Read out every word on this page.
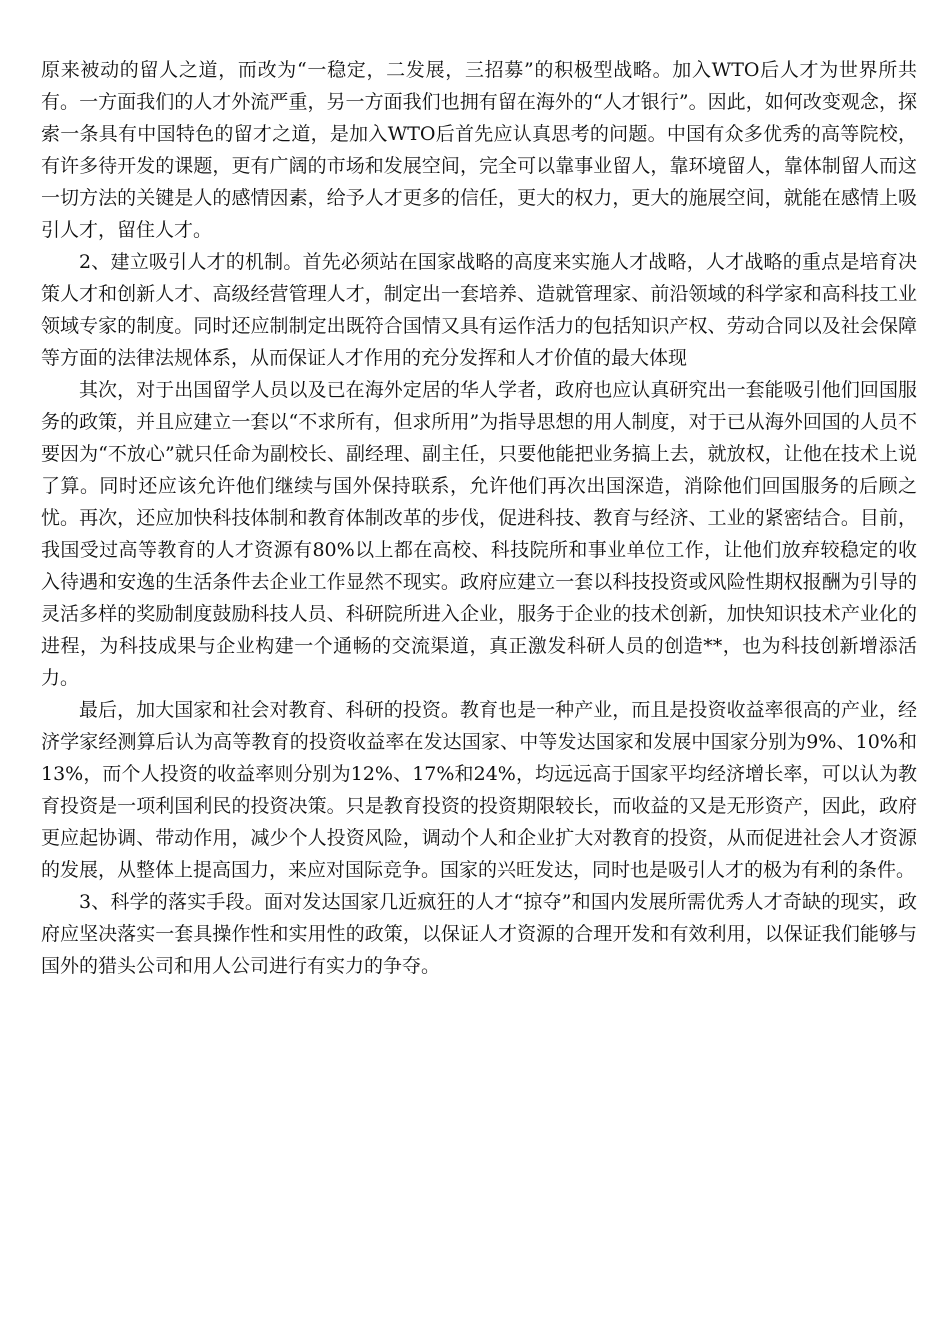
原来被动的留人之道，而改为“一稳定，二发展，三招募”的积极型战略。加入WTO后人才为世界所共有。一方面我们的人才外流严重，另一方面我们也拥有留在海外的“人才银行”。因此，如何改变观念，探索一条具有中国特色的留才之道，是加入WTO后首先应认真思考的问题。中国有众多优秀的高等院校，有许多待开发的课题，更有广阔的市场和发展空间，完全可以靠事业留人，靠环境留人，靠体制留人而这一切方法的关键是人的感情因素，给予人才更多的信任，更大的权力，更大的施展空间，就能在感情上吸引人才，留住人才。

2、建立吸引人才的机制。首先必须站在国家战略的高度来实施人才战略，人才战略的重点是培育决策人才和创新人才、高级经营管理人才，制定出一套培养、造就管理家、前沿领域的科学家和高科技工业领域专家的制度。同时还应制制定出既符合国情又具有运作活力的包括知识产权、劳动合同以及社会保障等方面的法律法规体系，从而保证人才作用的充分发挥和人才价值的最大体现

其次，对于出国留学人员以及已在海外定居的华人学者，政府也应认真研究出一套能吸引他们回国服务的政策，并且应建立一套以“不求所有，但求所用”为指导思想的用人制度，对于已从海外回国的人员不要因为“不放心”就只任命为副校长、副经理、副主任，只要他能把业务搞上去，就放权，让他在技术上说了算。同时还应该允许他们继续与国外保持联系，允许他们再次出国深造，消除他们回国服务的后顾之忧。再次，还应加快科技体制和教育体制改革的步伐，促进科技、教育与经济、工业的紧密结合。目前，我国受过高等教育的人才资源有80%以上都在高校、科技院所和事业单位工作，让他们放弃较稳定的收入待遇和安逸的生活条件去企业工作显然不现实。政府应建立一套以科技投资或风险性期权报酬为引导的灵活多样的奖励制度鼓励科技人员、科研院所进入企业，服务于企业的技术创新，加快知识技术产业化的进程，为科技成果与企业构建一个通畅的交流渠道，真正激发科研人员的创造**，也为科技创新增添活力。

最后，加大国家和社会对教育、科研的投资。教育也是一种产业，而且是投资收益率很高的产业，经济学家经测算后认为高等教育的投资收益率在发达国家、中等发达国家和发展中国家分别为9%、10%和13%，而个人投资的收益率则分别为12%、17%和24%，均远远高于国家平均经济增长率，可以认为教育投资是一项利国利民的投资决策。只是教育投资的投资期限较长，而收益的又是无形资产，因此，政府更应起协调、带动作用，减少个人投资风险，调动个人和企业扩大对教育的投资，从而促进社会人才资源的发展，从整体上提高国力，来应对国际竞争。国家的兴旺发达，同时也是吸引人才的极为有利的条件。

3、科学的落实手段。面对发达国家几近疯狂的人才“掠夺”和国内发展所需优秀人才奇缺的现实，政府应坚决落实一套具操作性和实用性的政策，以保证人才资源的合理开发和有效利用，以保证我们能够与国外的猎头公司和用人公司进行有实力的争夺。
